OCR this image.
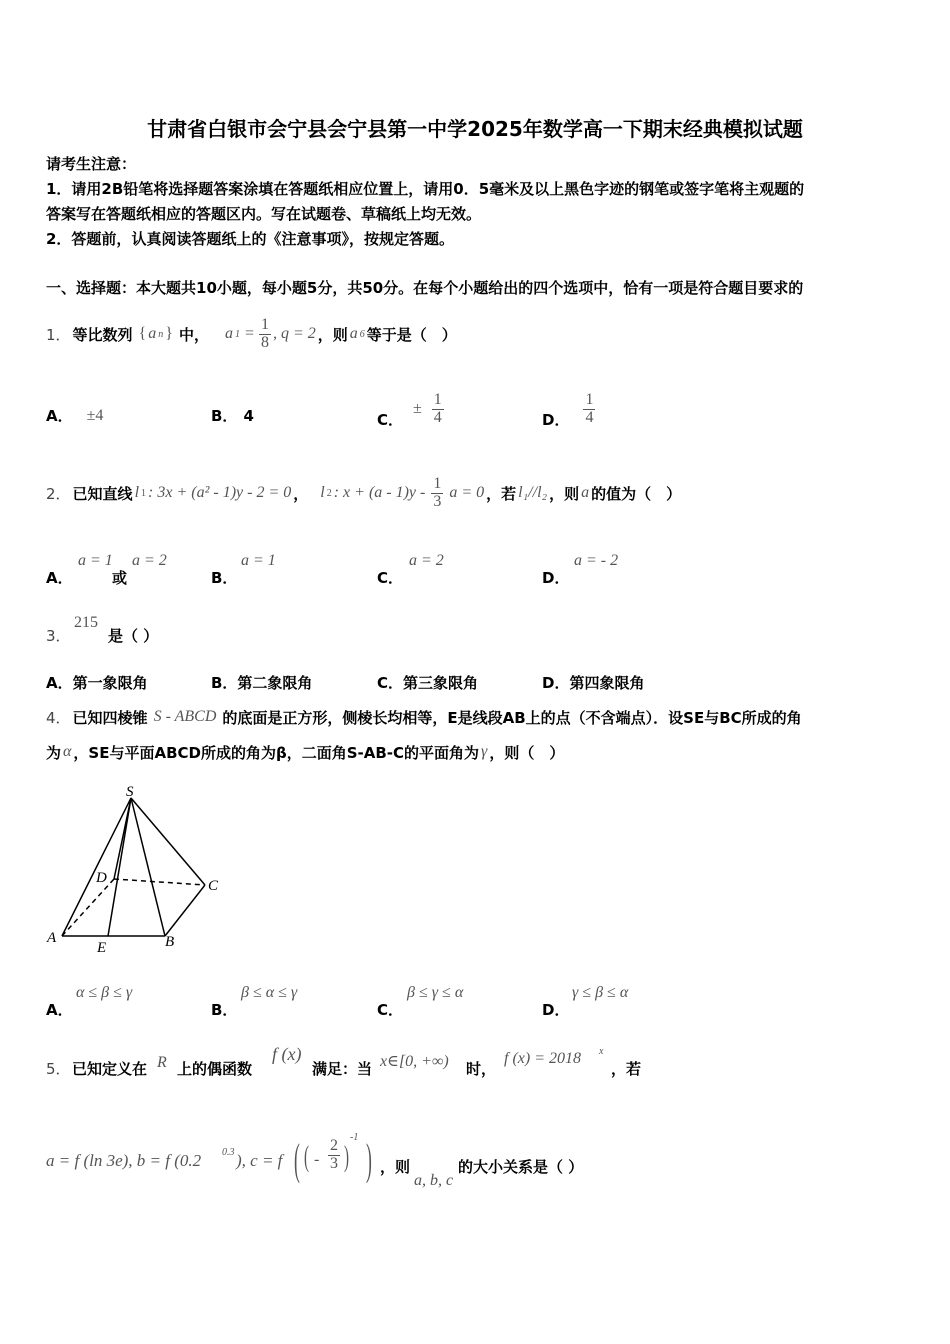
甘肃省白银市会宁县会宁县第一中学2025年数学高一下期末经典模拟试题
请考生注意：
1．请用2B铅笔将选择题答案涂填在答题纸相应位置上，请用0．5毫米及以上黑色字迹的钢笔或签字笔将主观题的
答案写在答题纸相应的答题区内。写在试题卷、草稿纸上均无效。
2．答题前，认真阅读答题纸上的《注意事项》，按规定答题。
一、选择题：本大题共10小题，每小题5分，共50分。在每个小题给出的四个选项中，恰有一项是符合题目要求的
1． 等比数列 { a n } 中， a $1 = \frac{1}{8}$ , q = 2 ，则 a 6 等于是（　）
A． ±4	B． 4	C．
± $\frac{1}{4}$	D． $\frac{1}{4}$
2． 已知直线 l 1 : 3x + (a² - 1)y - 2 = 0 ， l 2 : $x + (a - 1)y - \frac{1}{3}$ a = 0 ，若 l₁//l₂ ，则 a 的值为（　）
A．
a = 1
或
a = 2
B．
a = 1
C．
a = 2
D．
a = - 2
3．
215
是（ ）
A．第一象限角	B．第二象限角	C．第三象限角	D．第四象限角
4． 已知四棱锥 S - ABCD 的底面是正方形，侧棱长均相等，E是线段AB上的点（不含端点）．设SE与BC所成的角
为 α ，SE与平面ABCD所成的角为β，二面角S-AB-C的平面角为 γ ，则（　）
S
D	C
A
E	B
A．
α ≤ β ≤ γ
B．
β ≤ α ≤ γ
C．
β ≤ γ ≤ α
D．
γ ≤ β ≤ α
5． 已知定义在 R 上的偶函数
f (x)
满足：当 x∈[0, +∞) 时，
f (x) = 2018 x
，若
a = f (ln 3e), b = f (0.2 0.3 ), c = f ( ( - $\frac{2}{3}$ )
-1 ) ，则
a, b, c
的大小关系是（ ）
